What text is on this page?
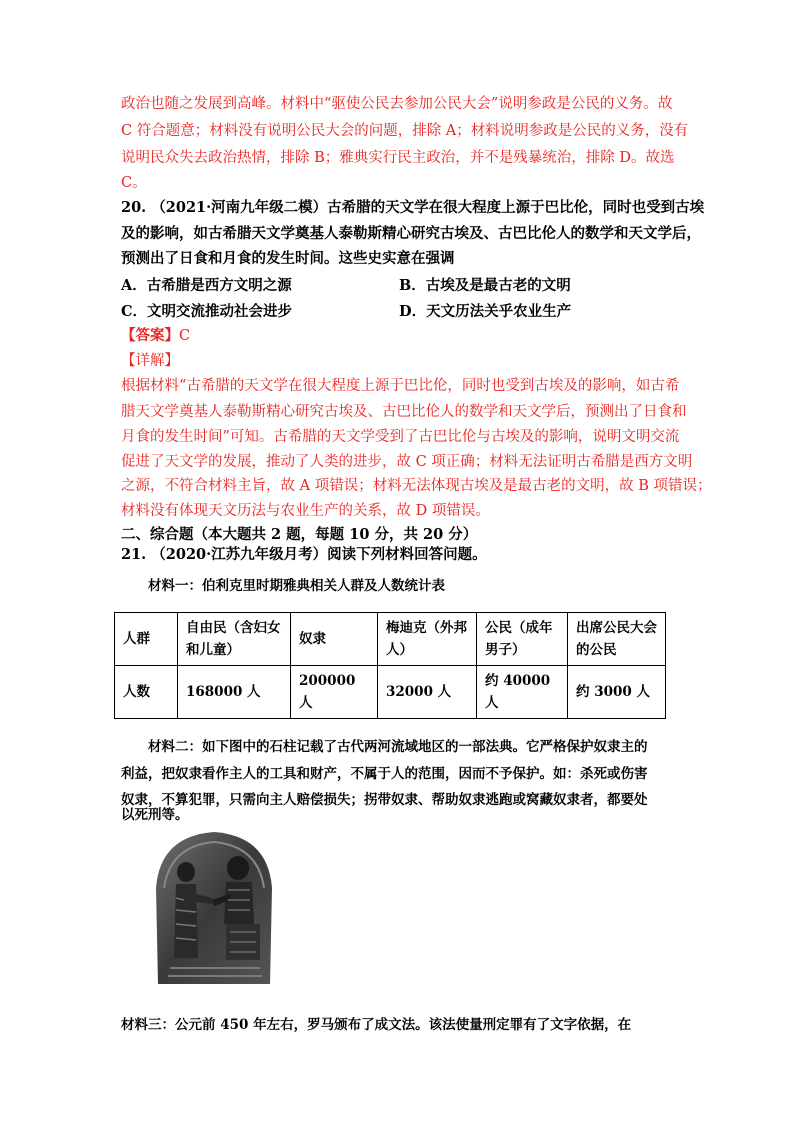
政治也随之发展到高峰。材料中“驱使公民去参加公民大会”说明参政是公民的义务。故
C 符合题意；材料没有说明公民大会的问题，排除 A；材料说明参政是公民的义务，没有
说明民众失去政治热情，排除 B；雅典实行民主政治，并不是残暴统治，排除 D。故选
C。
20. （2021·河南九年级二模）古希腊的天文学在很大程度上源于巴比伦，同时也受到古埃
及的影响，如古希腊天文学奠基人泰勒斯精心研究古埃及、古巴比伦人的数学和天文学后，
预测出了日食和月食的发生时间。这些史实意在强调
A．古希腊是西方文明之源	B．古埃及是最古老的文明
C．文明交流推动社会进步	D．天文历法关乎农业生产
【答案】C
【详解】
根据材料“古希腊的天文学在很大程度上源于巴比伦，同时也受到古埃及的影响，如古希
腊天文学奠基人泰勒斯精心研究古埃及、古巴比伦人的数学和天文学后，预测出了日食和
月食的发生时间”可知。古希腊的天文学受到了古巴比伦与古埃及的影响，说明文明交流
促进了天文学的发展，推动了人类的进步，故 C 项正确；材料无法证明古希腊是西方文明
之源，不符合材料主旨，故 A 项错误；材料无法体现古埃及是最古老的文明，故 B 项错误；
材料没有体现天文历法与农业生产的关系，故 D 项错误。
二、综合题（本大题共 2 题，每题 10 分，共 20 分）
21. （2020·江苏九年级月考）阅读下列材料回答问题。
材料一：伯利克里时期雅典相关人群及人数统计表
人群	自由民（含妇女和儿童）	奴隶	梅迪克（外邦人）	公民（成年男子）	出席公民大会的公民
人数	168000 人	200000 人	32000 人	约 40000 人	约 3000 人
材料二：如下图中的石柱记载了古代两河流域地区的一部法典。它严格保护奴隶主的
利益，把奴隶看作主人的工具和财产，不属于人的范围，因而不予保护。如：杀死或伤害
奴隶，不算犯罪，只需向主人赔偿损失；拐带奴隶、帮助奴隶逃跑或窝藏奴隶者，都要处
以死刑等。
材料三：公元前 450 年左右，罗马颁布了成文法。该法使量刑定罪有了文字依据，在
